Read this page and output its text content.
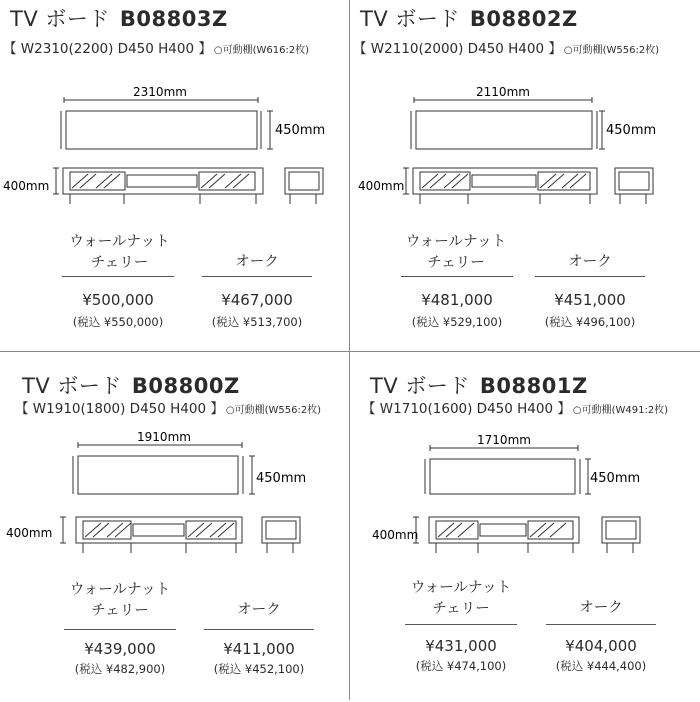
TV ボード B08803Z
【 W2310(2200) D450 H400 】 ○可動棚(W616:2枚)
2310mm
450mm
400mm
ウォールナット
チェリー	オーク
¥500,000
(税込 ¥550,000)
¥467,000
(税込 ¥513,700)
TV ボード B08802Z
【 W2110(2000) D450 H400 】 ○可動棚(W556:2枚)
2110mm
450mm
400mm
ウォールナット
チェリー	オーク
¥481,000
(税込 ¥529,100)
¥451,000
(税込 ¥496,100)
TV ボード B08800Z
【 W1910(1800) D450 H400 】 ○可動棚(W556:2枚)
1910mm
450mm
400mm
ウォールナット
チェリー	オーク
¥439,000
(税込 ¥482,900)
¥411,000
(税込 ¥452,100)
TV ボード B08801Z
【 W1710(1600) D450 H400 】 ○可動棚(W491:2枚)
1710mm
450mm
400mm
ウォールナット
チェリー	オーク
¥431,000
(税込 ¥474,100)
¥404,000
(税込 ¥444,400)
